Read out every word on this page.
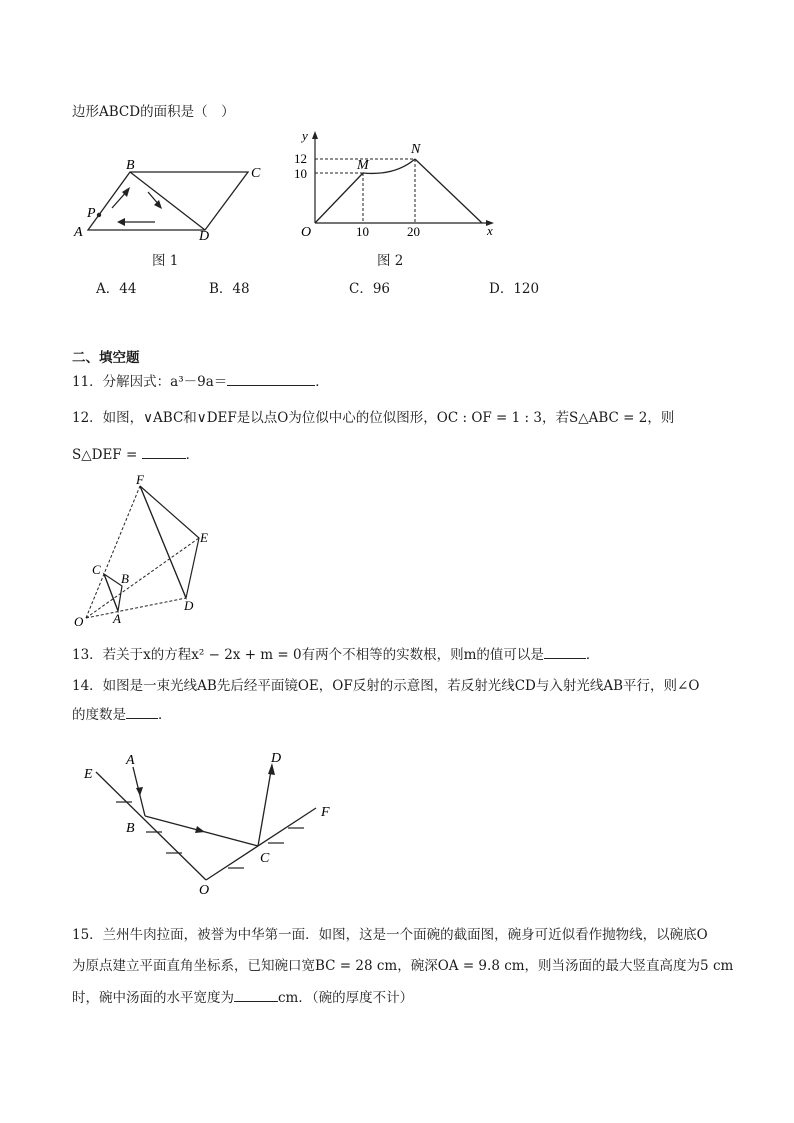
边形ABCD的面积是（　）
A
B
C
D
P
图 1
y
12
10
O	10	20	x
M
N
图 2
A．44	B．48	C．96	D．120
二、填空题
11．分解因式：a³－9a＝	．
12．如图，∨ABC和∨DEF是以点O为位似中心的位似图形，OC : OF = 1 : 3，若S△ABC = 2，则
S△DEF =	．
F
E
C
B
O A
D
13．若关于x的方程x² − 2x + m = 0有两个不相等的实数根，则m的值可以是	．
14．如图是一束光线AB先后经平面镜OE，OF反射的示意图，若反射光线CD与入射光线AB平行，则∠O
的度数是 ．
E
A
B
O
C
D
F
15．兰州牛肉拉面，被誉为中华第一面．如图，这是一个面碗的截面图，碗身可近似看作抛物线，以碗底O
为原点建立平面直角坐标系，已知碗口宽BC = 28 cm，碗深OA = 9.8 cm，则当汤面的最大竖直高度为5 cm
时，碗中汤面的水平宽度为	cm．（碗的厚度不计）
